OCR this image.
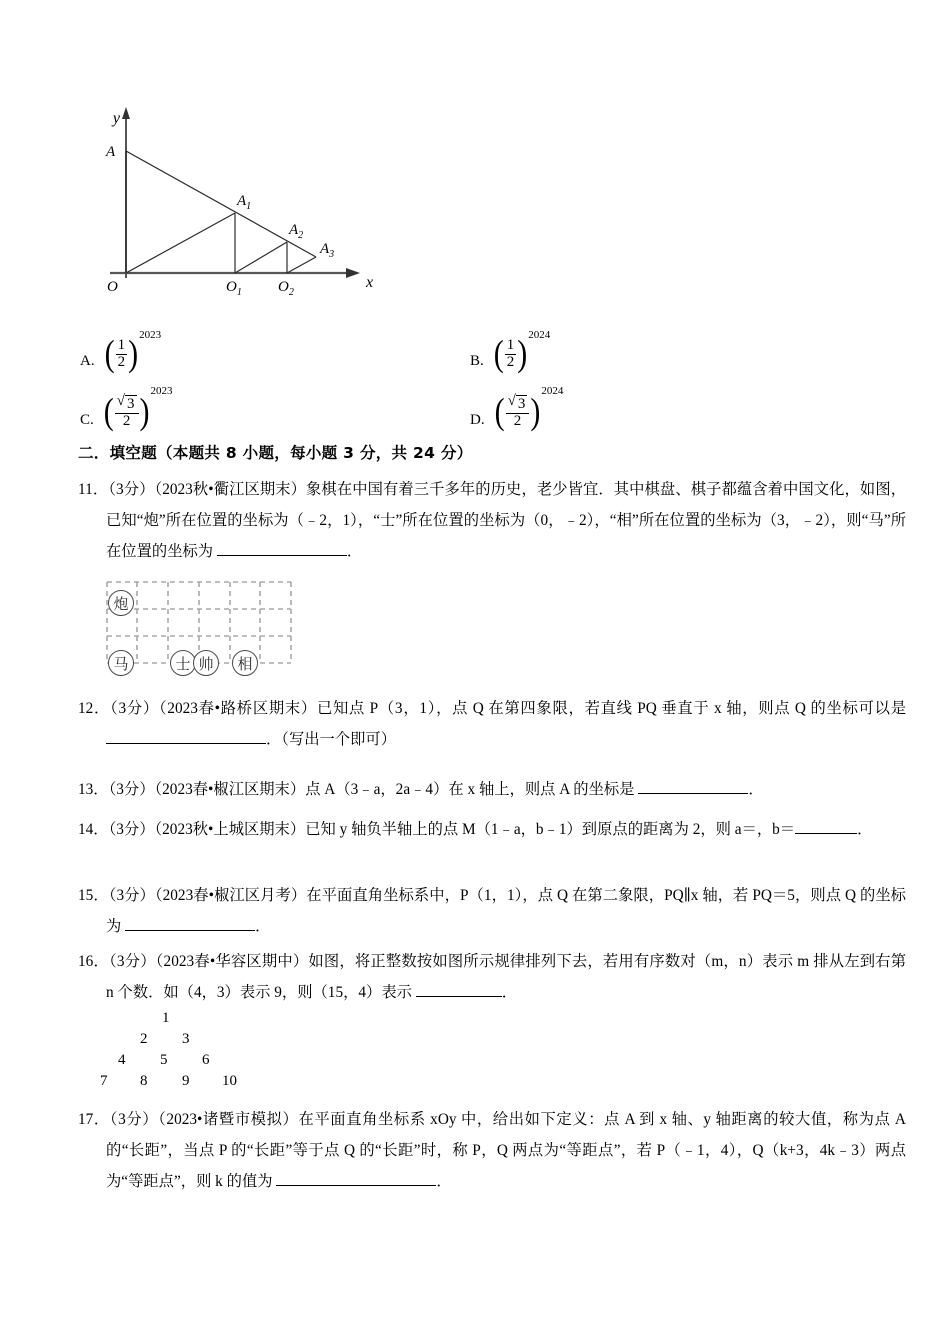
A
O
$A_1$
$A_2$
$A_3$
$O_1$ $O_2$
y
x
A. ( $\frac{1}{2}$ ) 2023
B. ( $\frac{1}{2}$ ) 2024
C. ( $\frac{√ 3}{2}$ ) 2023
D. ( $\frac{√ 3}{2}$ ) 2024
二．填空题（本题共 8 小题，每小题 3 分，共 24 分）
11．（3分）（2023秋•衢江区期末）象棋在中国有着三千多年的历史，老少皆宜．其中棋盘、棋子都蕴含着中国文化，如图，已知“炮”所在位置的坐标为（﹣2，1），“士”所在位置的坐标为（0，﹣2），“相”所在位置的坐标为（3，﹣2），则“马”所在位置的坐标为	．
炮
马	士 帅 相
12．（3分）（2023春•路桥区期末）已知点 P（3，1），点 Q 在第四象限，若直线 PQ 垂直于 x 轴，则点 Q 的坐标可以是 ．（写出一个即可）
13．（3分）（2023春•椒江区期末）点 A（3﹣a，2a﹣4）在 x 轴上，则点 A 的坐标是	．
14．（3分）（2023秋•上城区期末）已知 y 轴负半轴上的点 M（1﹣a，b﹣1）到原点的距离为 2，则 a＝，b＝	．
15．（3分）（2023春•椒江区月考）在平面直角坐标系中，P（1，1），点 Q 在第二象限，PQ∥x 轴，若 PQ＝5，则点 Q 的坐标为	．
16．（3分）（2023春•华容区期中）如图，将正整数按如图所示规律排列下去，若用有序数对（m，n）表示 m 排从左到右第 n 个数．如（4，3）表示 9，则（15，4）表示	．
1
2 3
4 5 6
7 8 9 10
17．（3分）（2023•诸暨市模拟）在平面直角坐标系 xOy 中，给出如下定义：点 A 到 x 轴、y 轴距离的较大值，称为点 A 的“长距”，当点 P 的“长距”等于点 Q 的“长距”时，称 P，Q 两点为“等距点”，若 P（﹣1，4），Q（k+3，4k﹣3）两点为“等距点”，则 k 的值为	．
